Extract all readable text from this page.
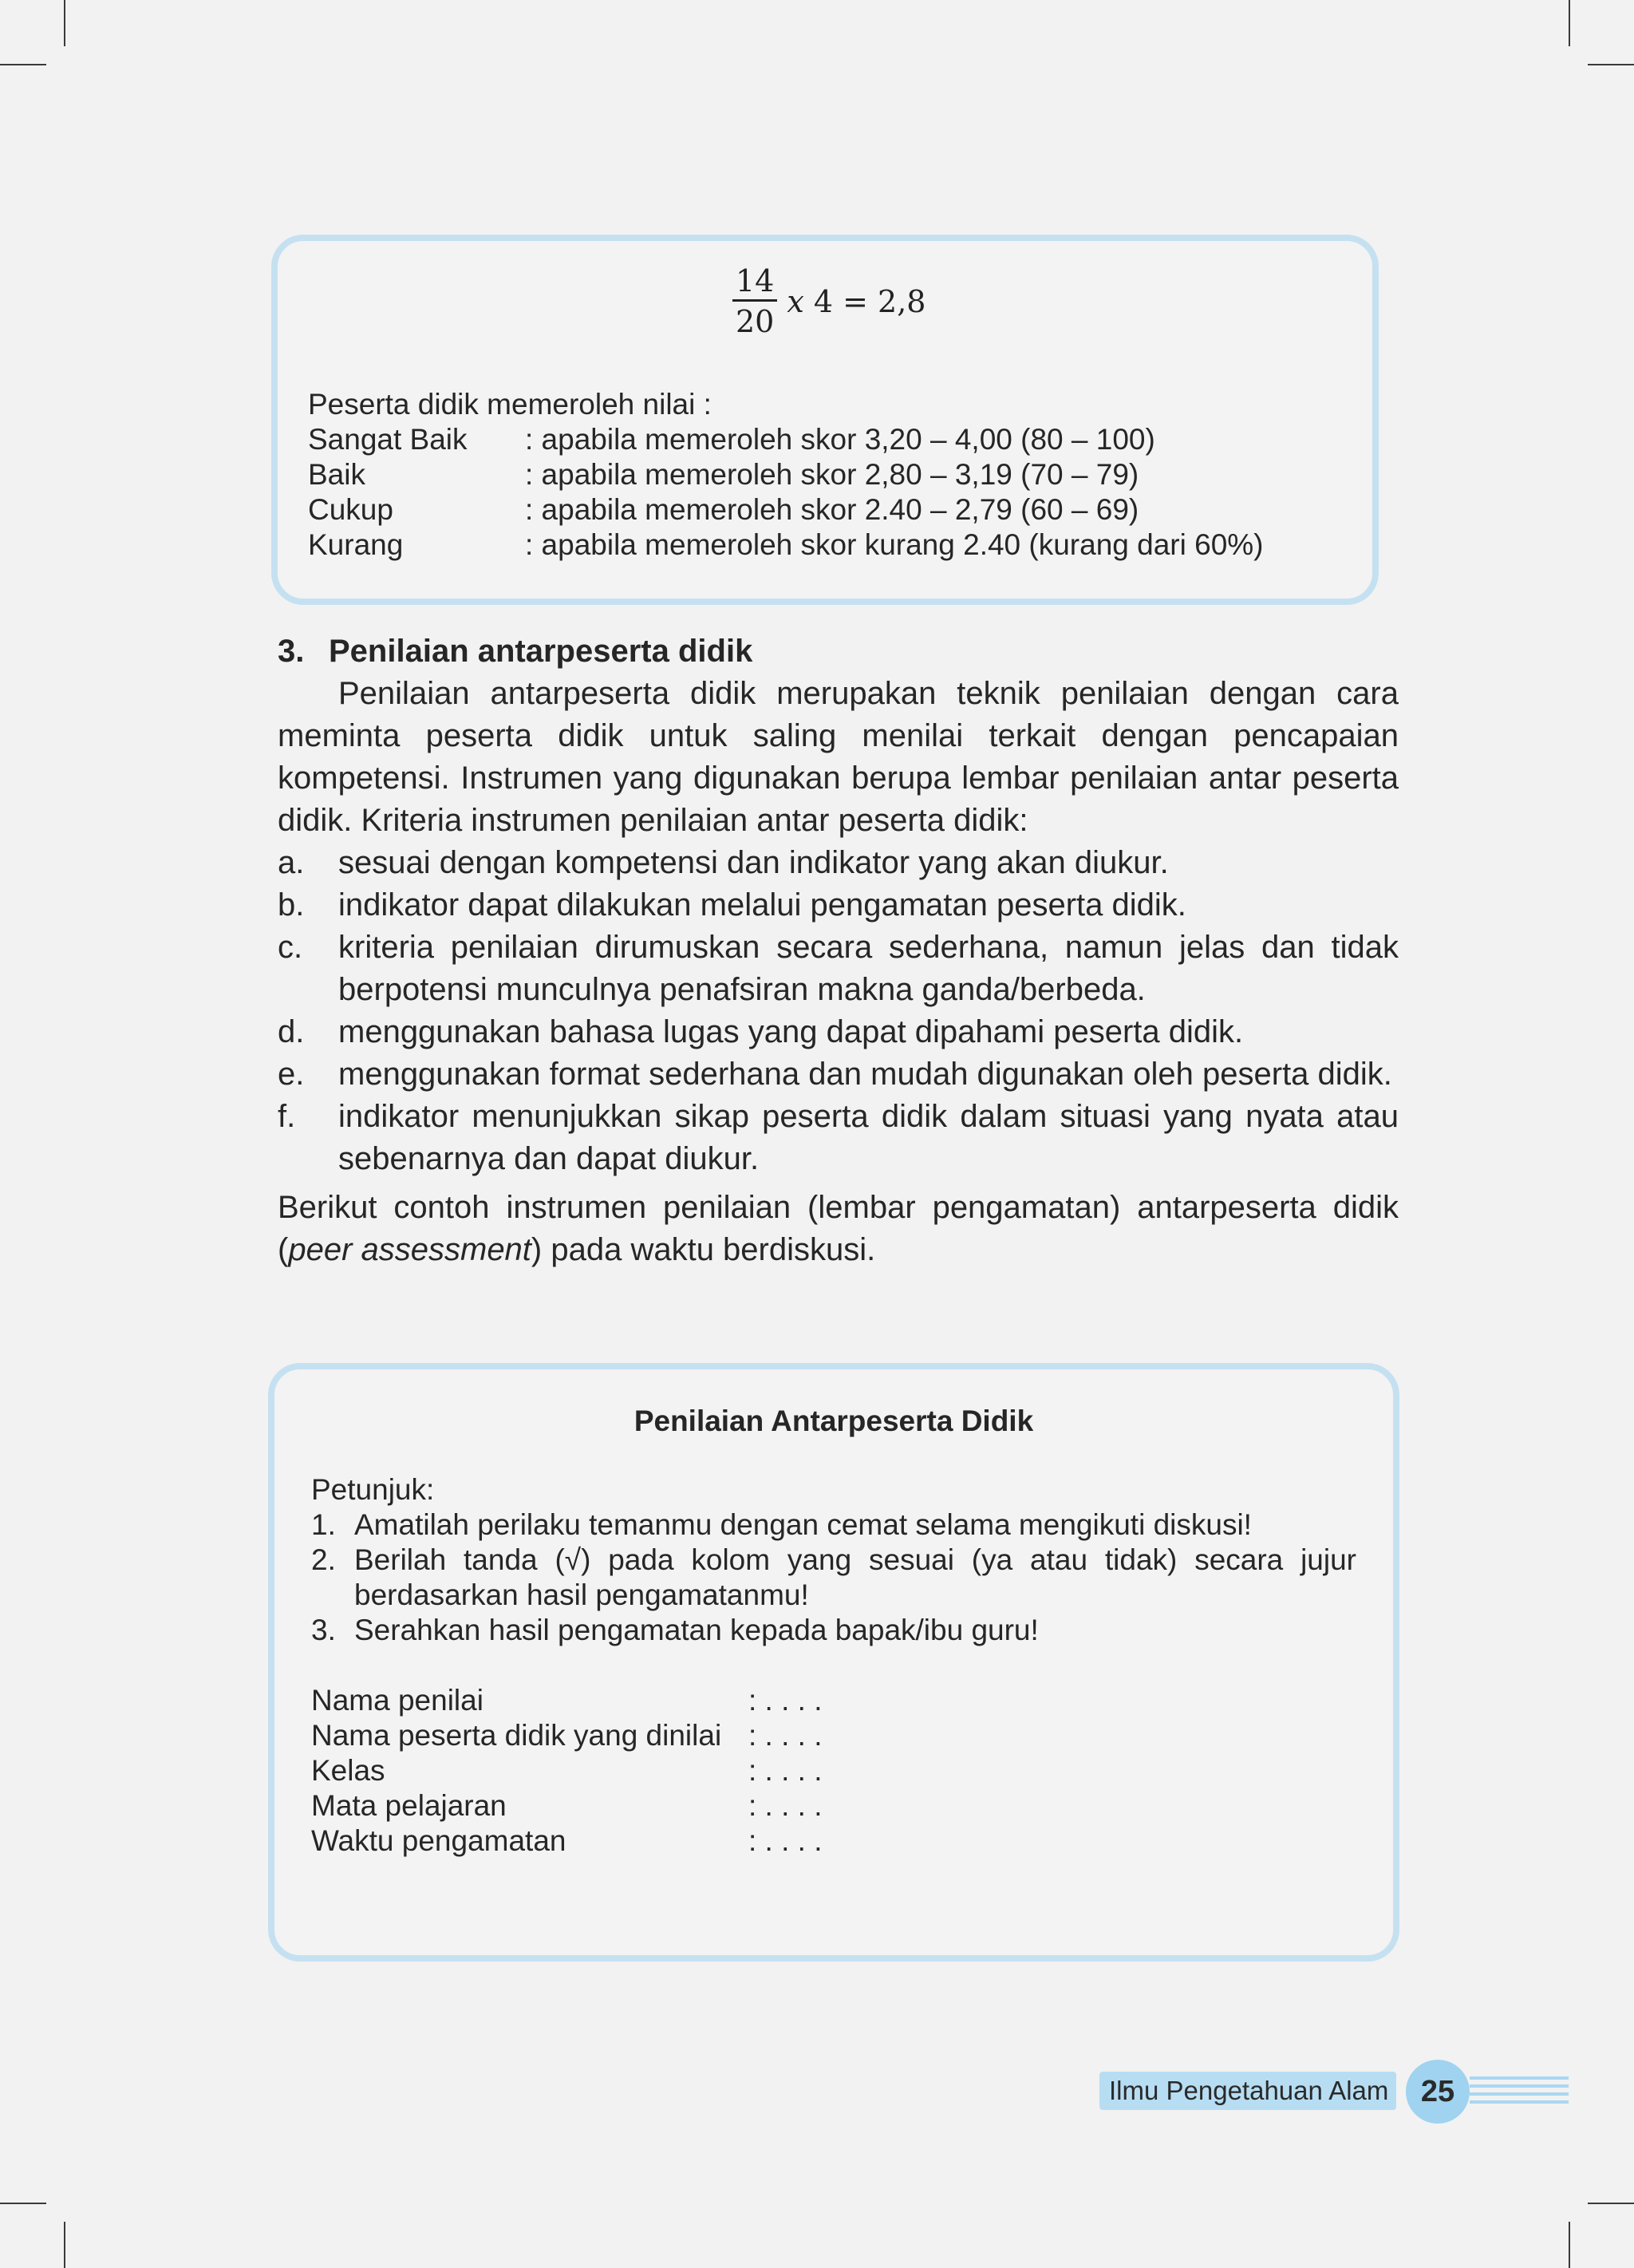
$\frac{14}{20}$ x 4 = 2,8
Peserta didik memeroleh nilai :
Sangat Baik	: apabila memeroleh skor 3,20 – 4,00 (80 – 100)
Baik	: apabila memeroleh skor 2,80 – 3,19 (70 – 79)
Cukup	: apabila memeroleh skor 2.40 – 2,79 (60 – 69)
Kurang	: apabila memeroleh skor kurang 2.40 (kurang dari 60%)
3. Penilaian antarpeserta didik
Penilaian antarpeserta didik merupakan teknik penilaian dengan cara meminta peserta didik untuk saling menilai terkait dengan pencapaian kompetensi. Instrumen yang digunakan berupa lembar penilaian antar peserta didik. Kriteria instrumen penilaian antar peserta didik:
a. sesuai dengan kompetensi dan indikator yang akan diukur.
b. indikator dapat dilakukan melalui pengamatan peserta didik.
c. kriteria penilaian dirumuskan secara sederhana, namun jelas dan tidak berpotensi munculnya penafsiran makna ganda/berbeda.
d. menggunakan bahasa lugas yang dapat dipahami peserta didik.
e. menggunakan format sederhana dan mudah digunakan oleh peserta didik.
f. indikator menunjukkan sikap peserta didik dalam situasi yang nyata atau sebenarnya dan dapat diukur.
Berikut contoh instrumen penilaian (lembar pengamatan) antarpeserta didik (peer assessment) pada waktu berdiskusi.
Penilaian Antarpeserta Didik
Petunjuk:
1. Amatilah perilaku temanmu dengan cemat selama mengikuti diskusi!
2. Berilah tanda (√) pada kolom yang sesuai (ya atau tidak) secara jujur berdasarkan hasil pengamatanmu!
3. Serahkan hasil pengamatan kepada bapak/ibu guru!
Nama penilai	: . . . .
Nama peserta didik yang dinilai : . . . .
Kelas	: . . . .
Mata pelajaran	: . . . .
Waktu pengamatan	: . . . .
Ilmu Pengetahuan Alam	25
